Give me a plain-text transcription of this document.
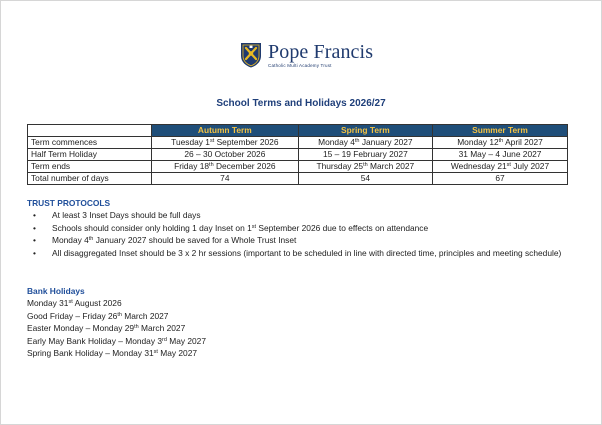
Pope Francis
Catholic Multi Academy Trust
School Terms and Holidays 2026/27
	Autumn Term	Spring Term	Summer Term
Term commences	Tuesday 1st September 2026	Monday 4th January 2027	Monday 12th April 2027
Half Term Holiday	26 – 30 October 2026	15 – 19 February 2027	31 May – 4 June 2027
Term ends	Friday 18th December 2026	Thursday 25th March 2027	Wednesday 21st July 2027
Total number of days	74	54	67
TRUST PROTOCOLS
• At least 3 Inset Days should be full days
• Schools should consider only holding 1 day Inset on 1st September 2026 due to effects on attendance
• Monday 4th January 2027 should be saved for a Whole Trust Inset
• All disaggregated Inset should be 3 x 2 hr sessions (important to be scheduled in line with directed time, principles and meeting schedule)
Bank Holidays
Monday 31st August 2026
Good Friday – Friday 26th March 2027
Easter Monday – Monday 29th March 2027
Early May Bank Holiday – Monday 3rd May 2027
Spring Bank Holiday – Monday 31st May 2027
